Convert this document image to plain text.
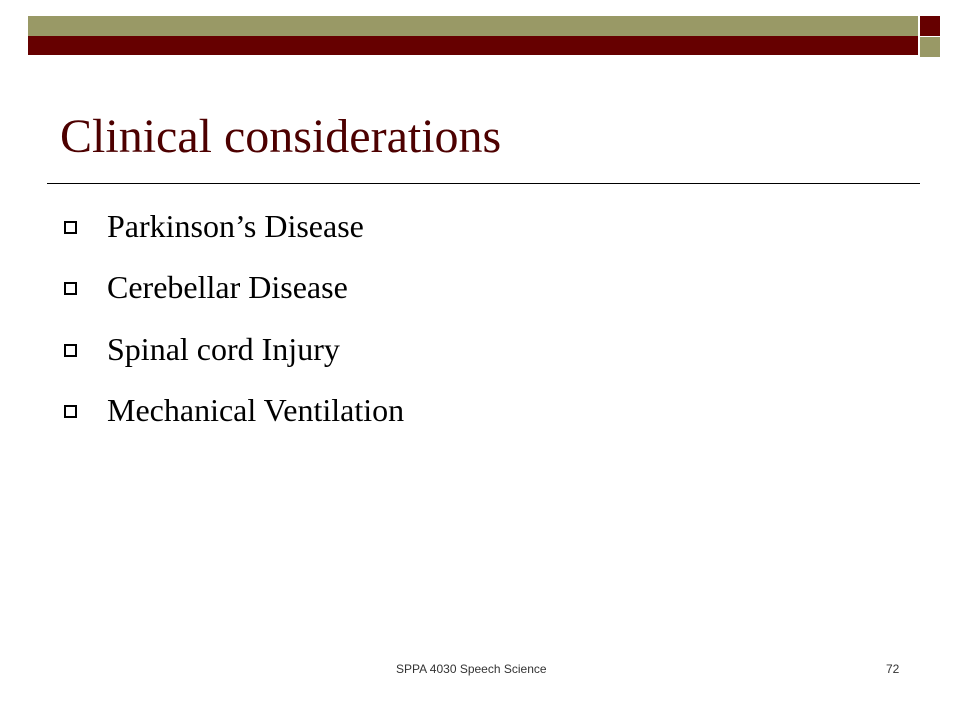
Clinical considerations
Parkinson’s Disease
Cerebellar Disease
Spinal cord Injury
Mechanical Ventilation
SPPA 4030 Speech Science	72
